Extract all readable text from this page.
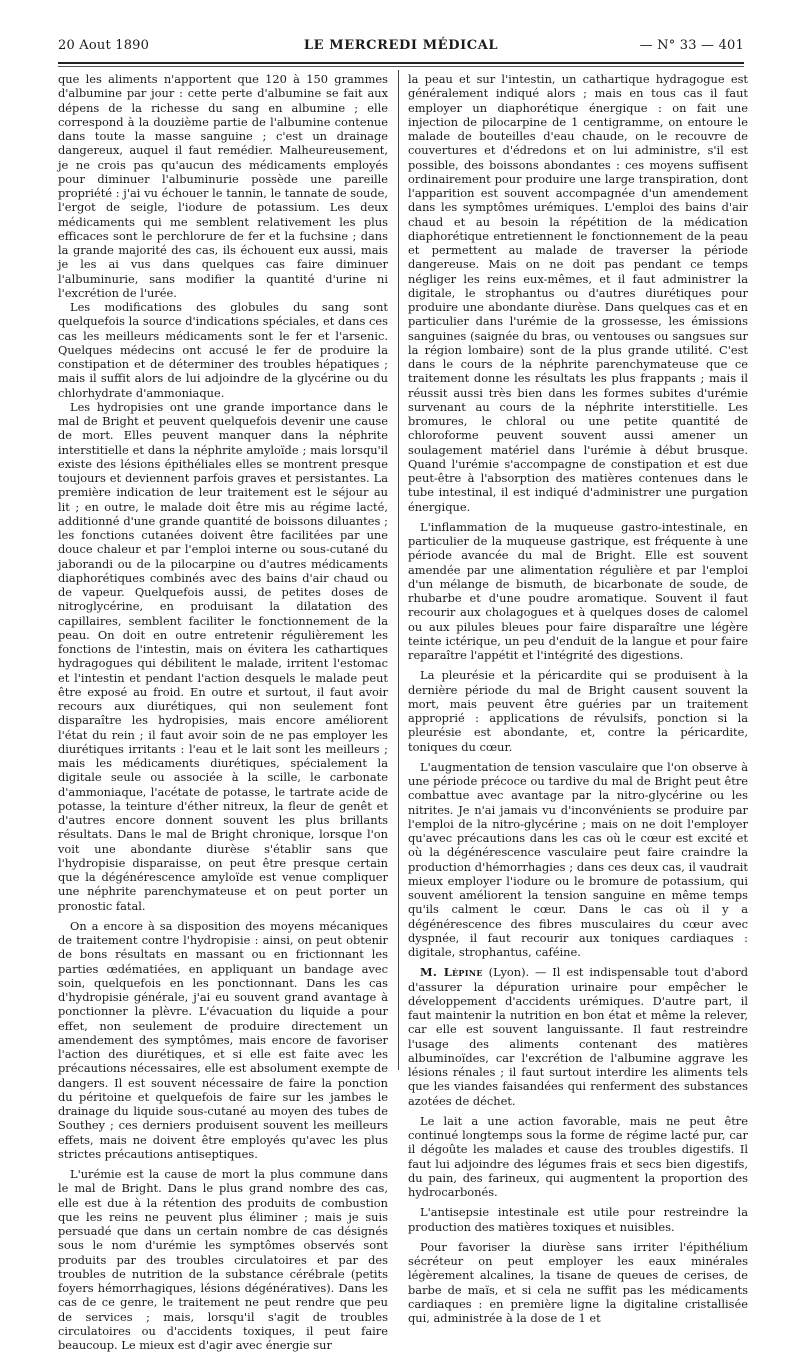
20 Aout 1890	LE MERCREDI MÉDICAL	— N° 33 — 401

que les aliments n'apportent que 120 à 150 grammes d'albumine par jour : cette perte d'albumine se fait aux dépens de la richesse du sang en albumine ; elle correspond à la douzième partie de l'albumine contenue dans toute la masse sanguine ; c'est un drainage dangereux, auquel il faut remédier. Malheureusement, je ne crois pas qu'aucun des médicaments employés pour diminuer l'albuminurie possède une pareille propriété : j'ai vu échouer le tannin, le tannate de soude, l'ergot de seigle, l'iodure de potassium. Les deux médicaments qui me semblent relativement les plus efficaces sont le perchlorure de fer et la fuchsine ; dans la grande majorité des cas, ils échouent eux aussi, mais je les ai vus dans quelques cas faire diminuer l'albuminurie, sans modifier la quantité d'urine ni l'excrétion de l'urée.

Les modifications des globules du sang sont quelquefois la source d'indications spéciales, et dans ces cas les meilleurs médicaments sont le fer et l'arsenic. Quelques médecins ont accusé le fer de produire la constipation et de déterminer des troubles hépatiques ; mais il suffit alors de lui adjoindre de la glycérine ou du chlorhydrate d'ammoniaque.

Les hydropisies ont une grande importance dans le mal de Bright et peuvent quelquefois devenir une cause de mort. Elles peuvent manquer dans la néphrite interstitielle et dans la néphrite amyloïde ; mais lorsqu'il existe des lésions épithéliales elles se montrent presque toujours et deviennent parfois graves et persistantes. La première indication de leur traitement est le séjour au lit ; en outre, le malade doit être mis au régime lacté, additionné d'une grande quantité de boissons diluantes ; les fonctions cutanées doivent être facilitées par une douce chaleur et par l'emploi interne ou sous-cutané du jaborandi ou de la pilocarpine ou d'autres médicaments diaphorétiques combinés avec des bains d'air chaud ou de vapeur. Quelquefois aussi, de petites doses de nitroglycérine, en produisant la dilatation des capillaires, semblent faciliter le fonctionnement de la peau. On doit en outre entretenir régulièrement les fonctions de l'intestin, mais on évitera les cathartiques hydragogues qui débilitent le malade, irritent l'estomac et l'intestin et pendant l'action desquels le malade peut être exposé au froid. En outre et surtout, il faut avoir recours aux diurétiques, qui non seulement font disparaître les hydropisies, mais encore améliorent l'état du rein ; il faut avoir soin de ne pas employer les diurétiques irritants : l'eau et le lait sont les meilleurs ; mais les médicaments diurétiques, spécialement la digitale seule ou associée à la scille, le carbonate d'ammoniaque, l'acétate de potasse, le tartrate acide de potasse, la teinture d'éther nitreux, la fleur de genêt et d'autres encore donnent souvent les plus brillants résultats. Dans le mal de Bright chronique, lorsque l'on voit une abondante diurèse s'établir sans que l'hydropisie disparaisse, on peut être presque certain que la dégénérescence amyloïde est venue compliquer une néphrite parenchymateuse et on peut porter un pronostic fatal.

On a encore à sa disposition des moyens mécaniques de traitement contre l'hydropisie : ainsi, on peut obtenir de bons résultats en massant ou en frictionnant les parties œdématiées, en appliquant un bandage avec soin, quelquefois en les ponctionnant. Dans les cas d'hydropisie générale, j'ai eu souvent grand avantage à ponctionner la plèvre. L'évacuation du liquide a pour effet, non seulement de produire directement un amendement des symptômes, mais encore de favoriser l'action des diurétiques, et si elle est faite avec les précautions nécessaires, elle est absolument exempte de dangers. Il est souvent nécessaire de faire la ponction du péritoine et quelquefois de faire sur les jambes le drainage du liquide sous-cutané au moyen des tubes de Southey ; ces derniers produisent souvent les meilleurs effets, mais ne doivent être employés qu'avec les plus strictes précautions antiseptiques.

L'urémie est la cause de mort la plus commune dans le mal de Bright. Dans le plus grand nombre des cas, elle est due à la rétention des produits de combustion que les reins ne peuvent plus éliminer ; mais je suis persuadé que dans un certain nombre de cas désignés sous le nom d'urémie les symptômes observés sont produits par des troubles circulatoires et par des troubles de nutrition de la substance cérébrale (petits foyers hémorrhagiques, lésions dégénératives). Dans les cas de ce genre, le traitement ne peut rendre que peu de services ; mais, lorsqu'il s'agit de troubles circulatoires ou d'accidents toxiques, il peut faire beaucoup. Le mieux est d'agir avec énergie sur

la peau et sur l'intestin, un cathartique hydragogue est généralement indiqué alors ; mais en tous cas il faut employer un diaphorétique énergique : on fait une injection de pilocarpine de 1 centigramme, on entoure le malade de bouteilles d'eau chaude, on le recouvre de couvertures et d'édredons et on lui administre, s'il est possible, des boissons abondantes : ces moyens suffisent ordinairement pour produire une large transpiration, dont l'apparition est souvent accompagnée d'un amendement dans les symptômes urémiques. L'emploi des bains d'air chaud et au besoin la répétition de la médication diaphorétique entretiennent le fonctionnement de la peau et permettent au malade de traverser la période dangereuse. Mais on ne doit pas pendant ce temps négliger les reins eux-mêmes, et il faut administrer la digitale, le strophantus ou d'autres diurétiques pour produire une abondante diurèse. Dans quelques cas et en particulier dans l'urémie de la grossesse, les émissions sanguines (saignée du bras, ou ventouses ou sangsues sur la région lombaire) sont de la plus grande utilité. C'est dans le cours de la néphrite parenchymateuse que ce traitement donne les résultats les plus frappants ; mais il réussit aussi très bien dans les formes subites d'urémie survenant au cours de la néphrite interstitielle. Les bromures, le chloral ou une petite quantité de chloroforme peuvent souvent aussi amener un soulagement matériel dans l'urémie à début brusque. Quand l'urémie s'accompagne de constipation et est due peut-être à l'absorption des matières contenues dans le tube intestinal, il est indiqué d'administrer une purgation énergique.

L'inflammation de la muqueuse gastro-intestinale, en particulier de la muqueuse gastrique, est fréquente à une période avancée du mal de Bright. Elle est souvent amendée par une alimentation régulière et par l'emploi d'un mélange de bismuth, de bicarbonate de soude, de rhubarbe et d'une poudre aromatique. Souvent il faut recourir aux cholagogues et à quelques doses de calomel ou aux pilules bleues pour faire disparaître une légère teinte ictérique, un peu d'enduit de la langue et pour faire reparaître l'appétit et l'intégrité des digestions.

La pleurésie et la péricardite qui se produisent à la dernière période du mal de Bright causent souvent la mort, mais peuvent être guéries par un traitement approprié : applications de révulsifs, ponction si la pleurésie est abondante, et, contre la péricardite, toniques du cœur.

L'augmentation de tension vasculaire que l'on observe à une période précoce ou tardive du mal de Bright peut être combattue avec avantage par la nitro-glycérine ou les nitrites. Je n'ai jamais vu d'inconvénients se produire par l'emploi de la nitro-glycérine ; mais on ne doit l'employer qu'avec précautions dans les cas où le cœur est excité et où la dégénérescence vasculaire peut faire craindre la production d'hémorrhagies ; dans ces deux cas, il vaudrait mieux employer l'iodure ou le bromure de potassium, qui souvent améliorent la tension sanguine en même temps qu'ils calment le cœur. Dans le cas où il y a dégénérescence des fibres musculaires du cœur avec dyspnée, il faut recourir aux toniques cardiaques : digitale, strophantus, caféine.

M. Lépine (Lyon). — Il est indispensable tout d'abord d'assurer la dépuration urinaire pour empêcher le développement d'accidents urémiques. D'autre part, il faut maintenir la nutrition en bon état et même la relever, car elle est souvent languissante. Il faut restreindre l'usage des aliments contenant des matières albuminoïdes, car l'excrétion de l'albumine aggrave les lésions rénales ; il faut surtout interdire les aliments tels que les viandes faisandées qui renferment des substances azotées de déchet.

Le lait a une action favorable, mais ne peut être continué longtemps sous la forme de régime lacté pur, car il dégoûte les malades et cause des troubles digestifs. Il faut lui adjoindre des légumes frais et secs bien digestifs, du pain, des farineux, qui augmentent la proportion des hydrocarbonés.

L'antisepsie intestinale est utile pour restreindre la production des matières toxiques et nuisibles.

Pour favoriser la diurèse sans irriter l'épithélium sécréteur on peut employer les eaux minérales légèrement alcalines, la tisane de queues de cerises, de barbe de maïs, et si cela ne suffit pas les médicaments cardiaques : en première ligne la digitaline cristallisée qui, administrée à la dose de 1 et
